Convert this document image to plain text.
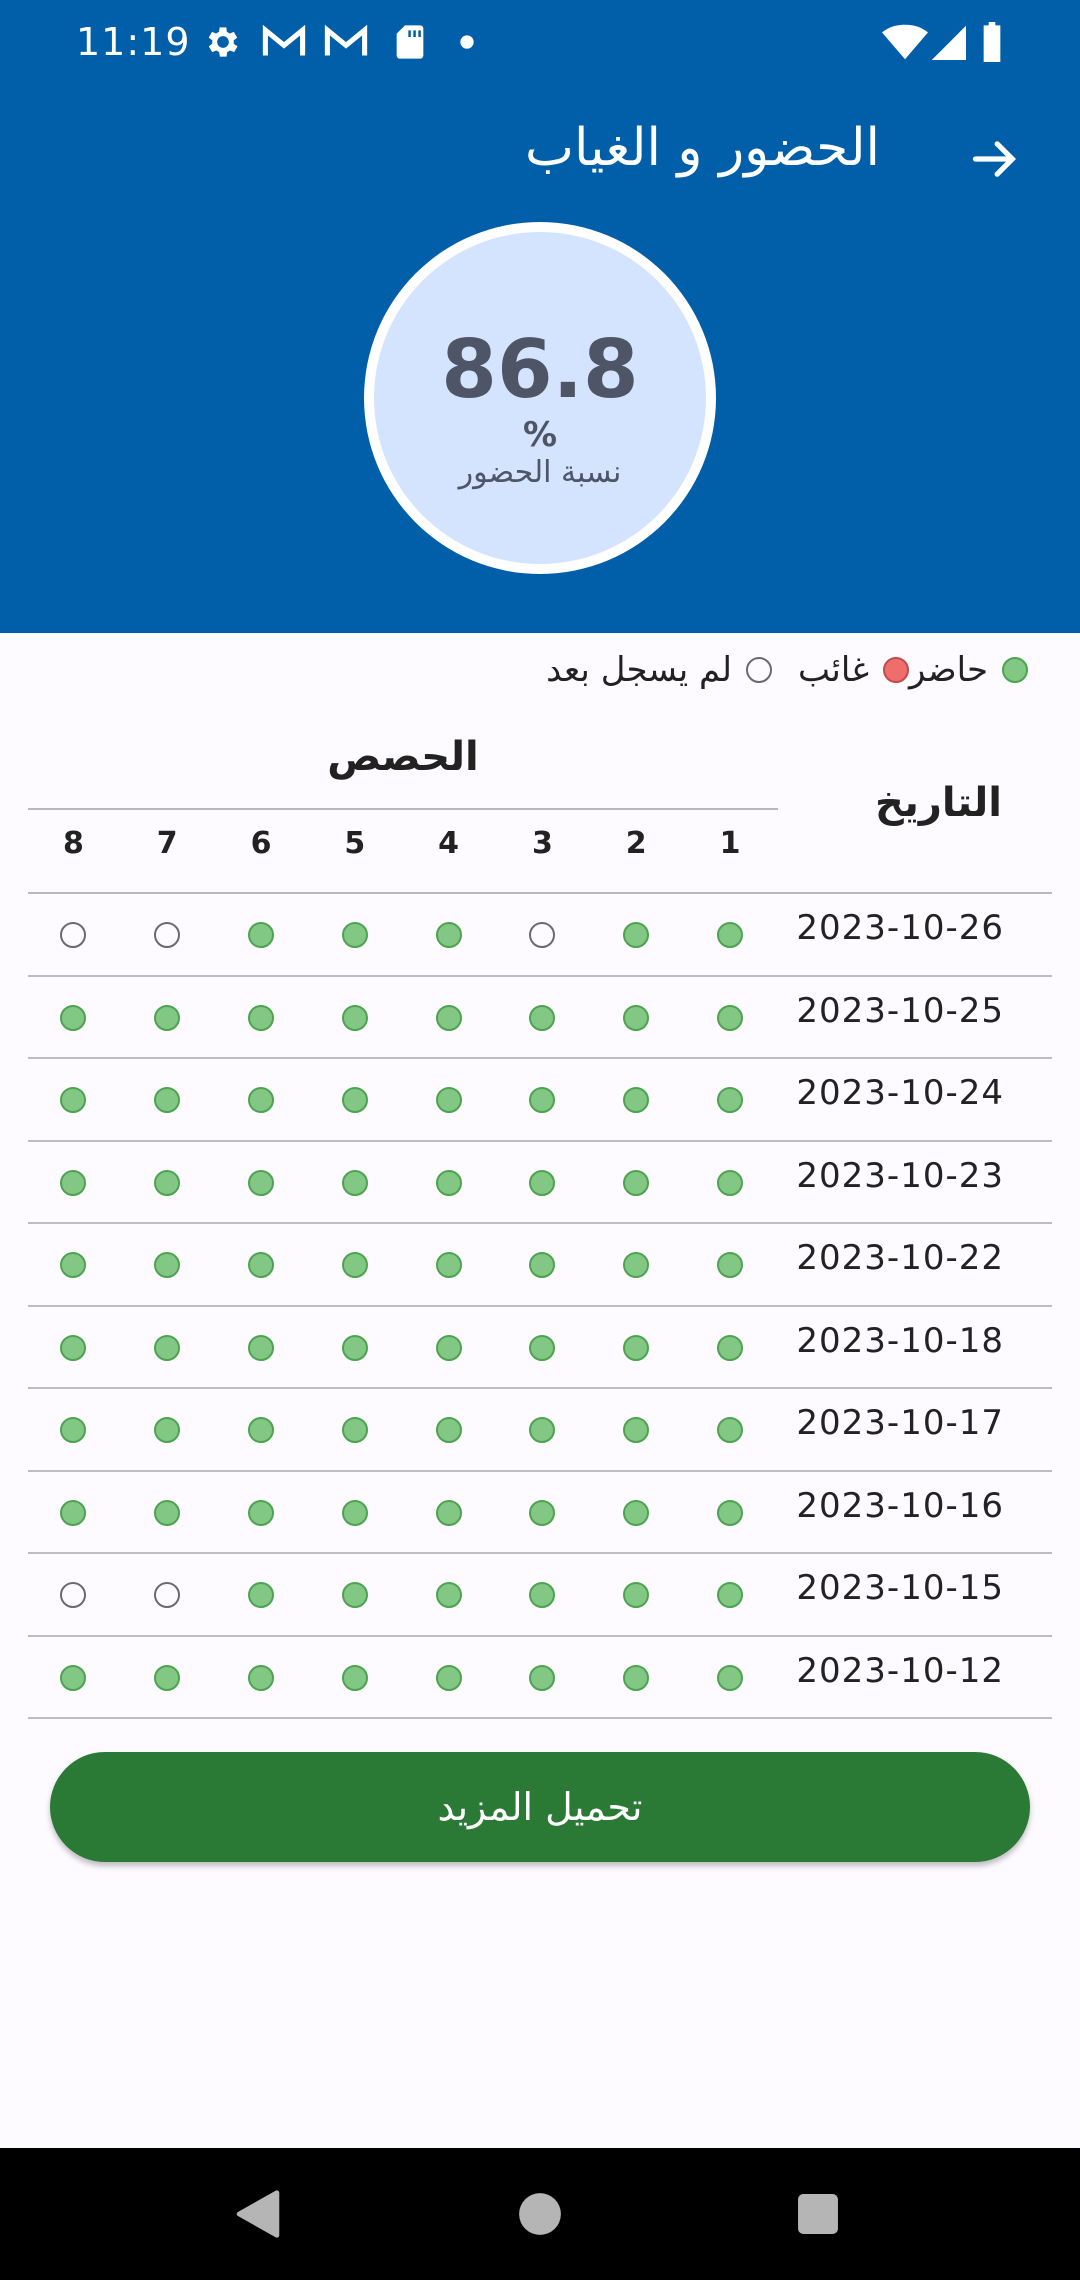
11:19
الحضور و الغياب
86.8
%
نسبة الحضور
حاضر
غائب
لم يسجل بعد
التاريخ
الحصص
1
2
3
4
5
6
7
8
2023-10-26
2023-10-25
2023-10-24
2023-10-23
2023-10-22
2023-10-18
2023-10-17
2023-10-16
2023-10-15
2023-10-12
تحميل المزيد
